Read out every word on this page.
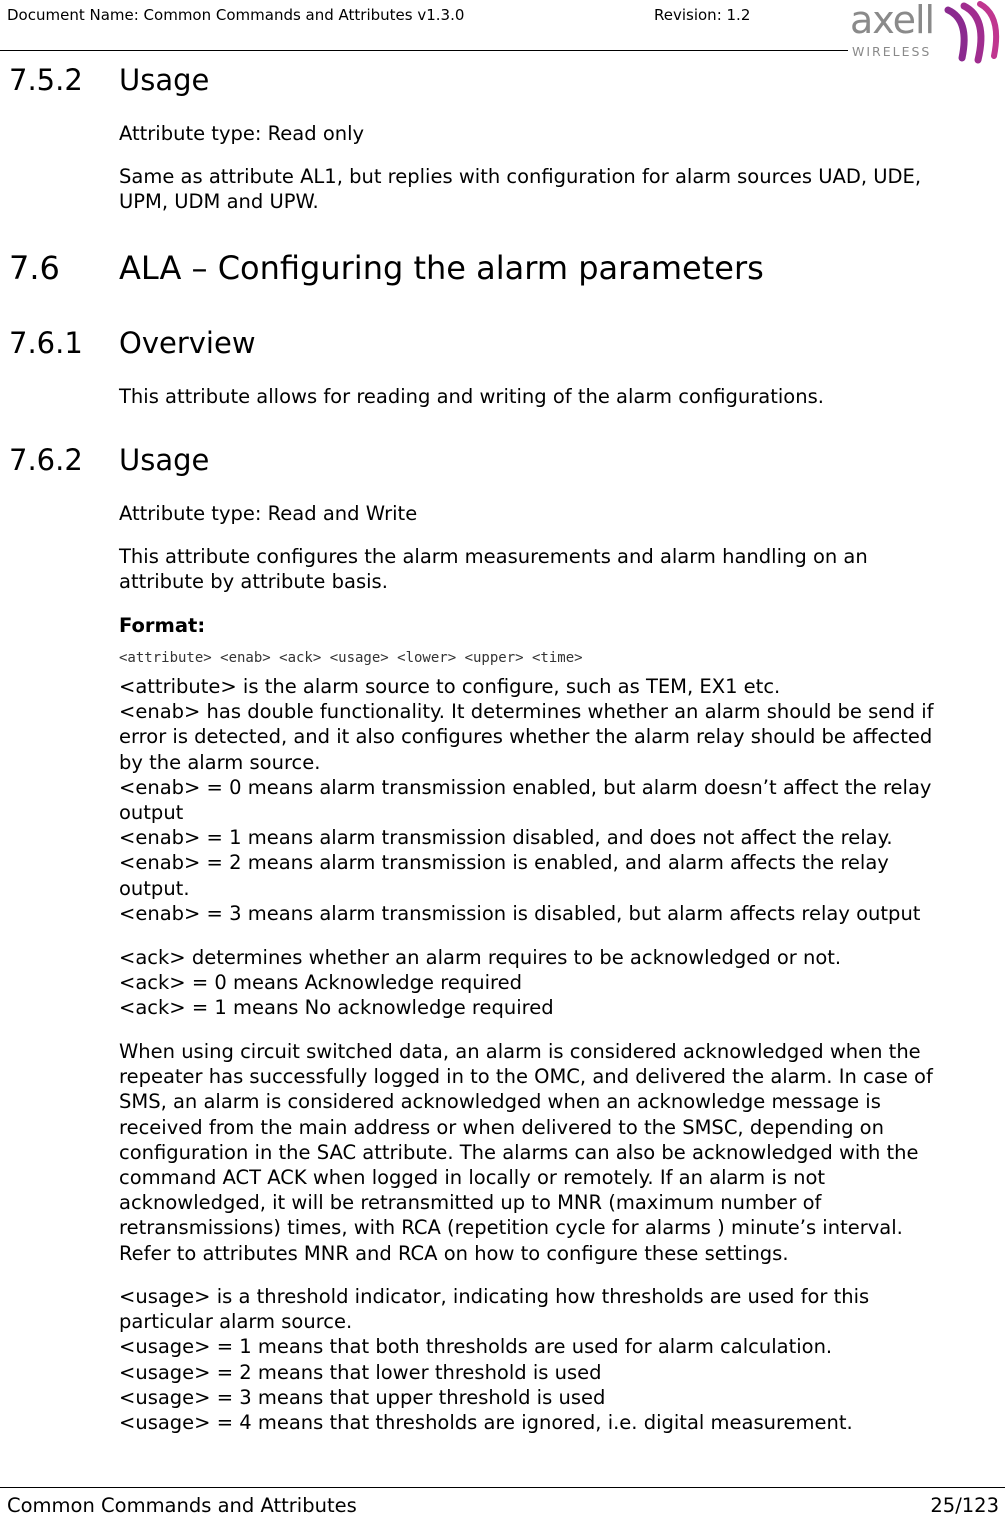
Document Name: Common Commands and Attributes v1.3.0	Revision: 1.2	axell
WIRELESS
7.5.2 Usage

Attribute type: Read only

Same as attribute AL1, but replies with configuration for alarm sources UAD, UDE,
UPM, UDM and UPW.
7.6 ALA – Configuring the alarm parameters
7.6.1 Overview

This attribute allows for reading and writing of the alarm configurations.

7.6.2 Usage

Attribute type: Read and Write

This attribute configures the alarm measurements and alarm handling on an
attribute by attribute basis.

Format:

<attribute> <enab> <ack> <usage> <lower> <upper> <time>

<attribute> is the alarm source to configure, such as TEM, EX1 etc.
<enab> has double functionality. It determines whether an alarm should be send if
error is detected, and it also configures whether the alarm relay should be affected
by the alarm source.
<enab> = 0 means alarm transmission enabled, but alarm doesn’t affect the relay
output
<enab> = 1 means alarm transmission disabled, and does not affect the relay.
<enab> = 2 means alarm transmission is enabled, and alarm affects the relay
output.
<enab> = 3 means alarm transmission is disabled, but alarm affects relay output
<ack> determines whether an alarm requires to be acknowledged or not.
<ack> = 0 means Acknowledge required
<ack> = 1 means No acknowledge required
When using circuit switched data, an alarm is considered acknowledged when the
repeater has successfully logged in to the OMC, and delivered the alarm. In case of
SMS, an alarm is considered acknowledged when an acknowledge message is
received from the main address or when delivered to the SMSC, depending on
configuration in the SAC attribute. The alarms can also be acknowledged with the
command ACT ACK when logged in locally or remotely. If an alarm is not
acknowledged, it will be retransmitted up to MNR (maximum number of
retransmissions) times, with RCA (repetition cycle for alarms ) minute’s interval.
Refer to attributes MNR and RCA on how to configure these settings.
<usage> is a threshold indicator, indicating how thresholds are used for this
particular alarm source.
<usage> = 1 means that both thresholds are used for alarm calculation.
<usage> = 2 means that lower threshold is used
<usage> = 3 means that upper threshold is used
<usage> = 4 means that thresholds are ignored, i.e. digital measurement.
Common Commands and Attributes	25/123
